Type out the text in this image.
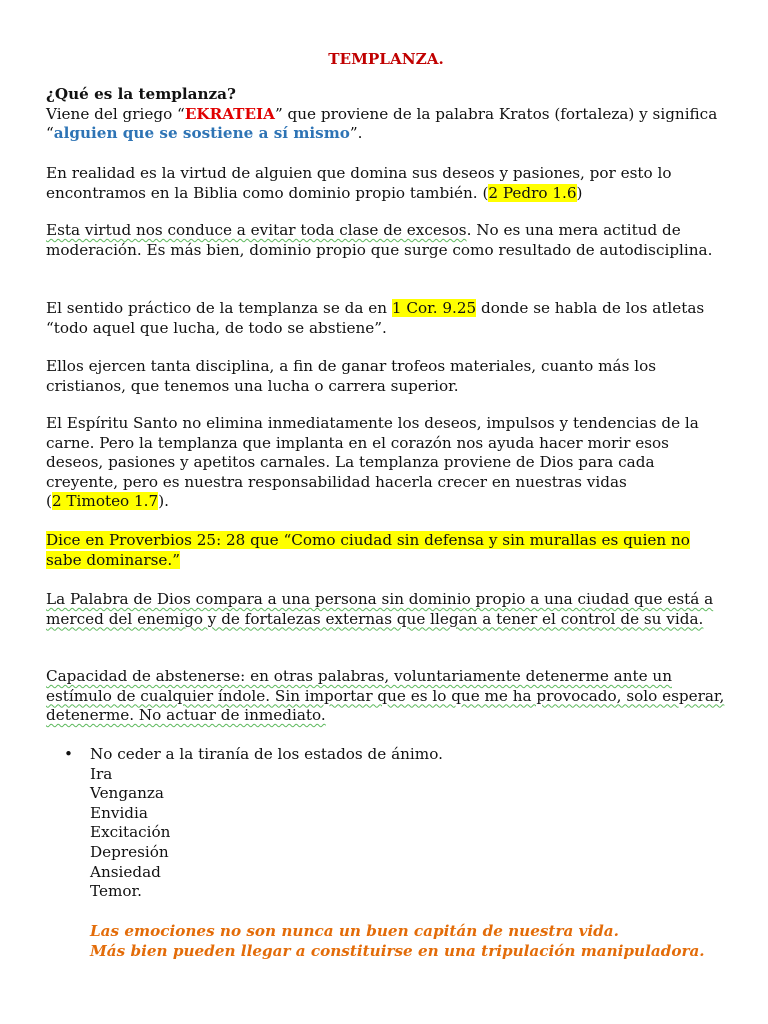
TEMPLANZA.

¿Qué es la templanza?
Viene del griego “EKRATEIA” que proviene de la palabra Kratos (fortaleza) y significa “alguien que se sostiene a sí mismo”.

En realidad es la virtud de alguien que domina sus deseos y pasiones, por esto lo encontramos en la Biblia como dominio propio también. (2 Pedro 1.6)

Esta virtud nos conduce a evitar toda clase de excesos. No es una mera actitud de moderación. Es más bien, dominio propio que surge como resultado de autodisciplina.

El sentido práctico de la templanza se da en 1 Cor. 9.25 donde se habla de los atletas “todo aquel que lucha, de todo se abstiene”.

Ellos ejercen tanta disciplina, a fin de ganar trofeos materiales, cuanto más los cristianos, que tenemos una lucha o carrera superior.

El Espíritu Santo no elimina inmediatamente los deseos, impulsos y tendencias de la carne. Pero la templanza que implanta en el corazón nos ayuda hacer morir esos deseos, pasiones y apetitos carnales. La templanza proviene de Dios para cada creyente, pero es nuestra responsabilidad hacerla crecer en nuestras vidas
(2 Timoteo 1.7).

Dice en Proverbios 25: 28 que “Como ciudad sin defensa y sin murallas es quien no sabe dominarse.”

La Palabra de Dios compara a una persona sin dominio propio a una ciudad que está a merced del enemigo y de fortalezas externas que llegan a tener el control de su vida.

Capacidad de abstenerse: en otras palabras, voluntariamente detenerme ante un estímulo de cualquier índole. Sin importar que es lo que me ha provocado, solo esperar, detenerme. No actuar de inmediato.

• No ceder a la tiranía de los estados de ánimo.
Ira
Venganza
Envidia
Excitación
Depresión
Ansiedad
Temor.
Las emociones no son nunca un buen capitán de nuestra vida.
Más bien pueden llegar a constituirse en una tripulación manipuladora.
